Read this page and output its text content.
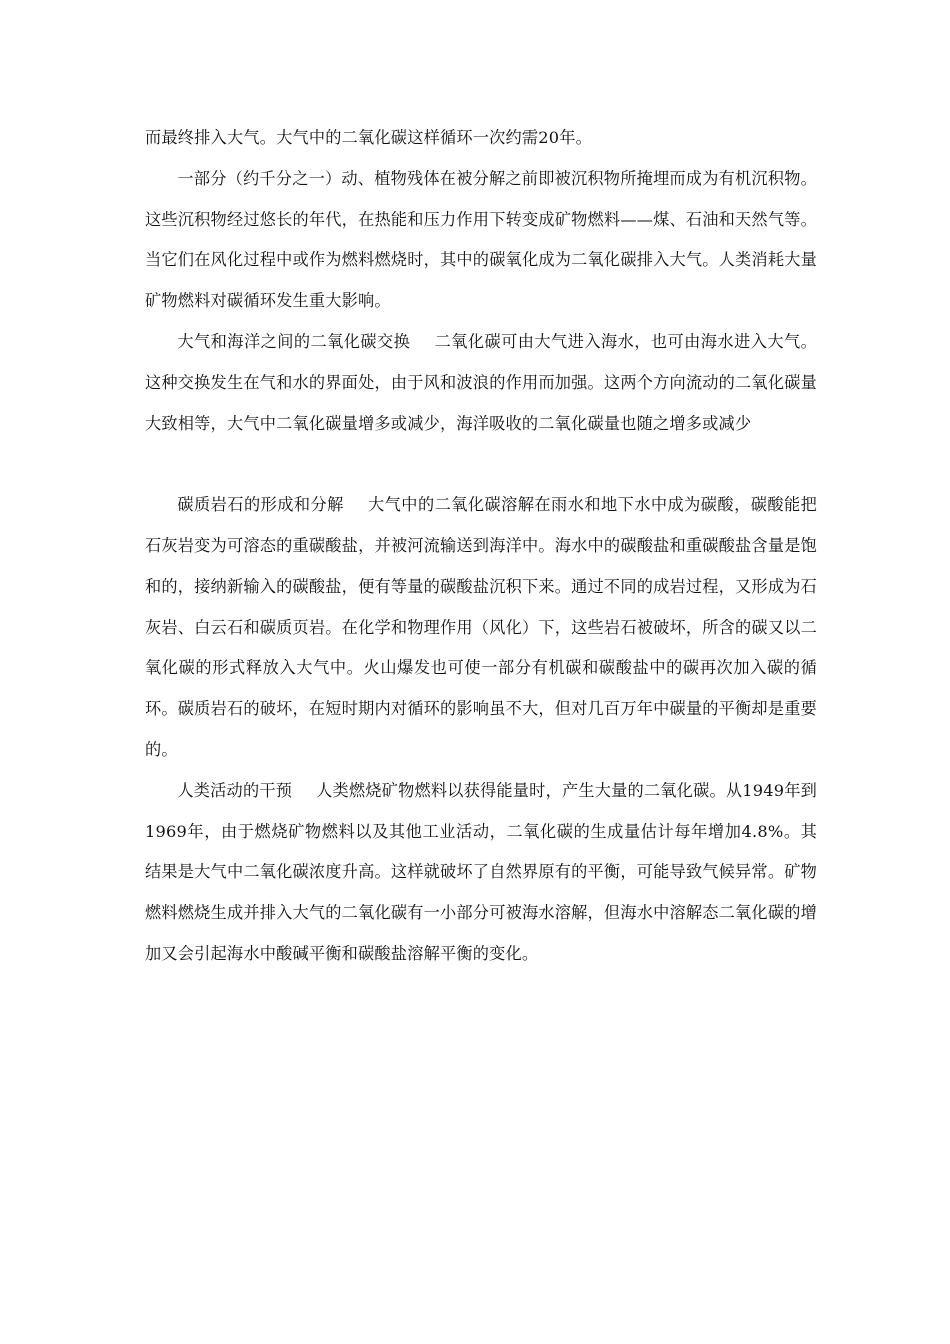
而最终排入大气。大气中的二氧化碳这样循环一次约需20年。

一部分（约千分之一）动、植物残体在被分解之前即被沉积物所掩埋而成为有机沉积物。这些沉积物经过悠长的年代，在热能和压力作用下转变成矿物燃料——煤、石油和天然气等。当它们在风化过程中或作为燃料燃烧时，其中的碳氧化成为二氧化碳排入大气。人类消耗大量矿物燃料对碳循环发生重大影响。

大气和海洋之间的二氧化碳交换 二氧化碳可由大气进入海水，也可由海水进入大气。这种交换发生在气和水的界面处，由于风和波浪的作用而加强。这两个方向流动的二氧化碳量大致相等，大气中二氧化碳量增多或减少，海洋吸收的二氧化碳量也随之增多或减少

碳质岩石的形成和分解 大气中的二氧化碳溶解在雨水和地下水中成为碳酸，碳酸能把石灰岩变为可溶态的重碳酸盐，并被河流输送到海洋中。海水中的碳酸盐和重碳酸盐含量是饱和的，接纳新输入的碳酸盐，便有等量的碳酸盐沉积下来。通过不同的成岩过程，又形成为石灰岩、白云石和碳质页岩。在化学和物理作用（风化）下，这些岩石被破坏，所含的碳又以二氧化碳的形式释放入大气中。火山爆发也可使一部分有机碳和碳酸盐中的碳再次加入碳的循环。碳质岩石的破坏，在短时期内对循环的影响虽不大，但对几百万年中碳量的平衡却是重要的。

人类活动的干预 人类燃烧矿物燃料以获得能量时，产生大量的二氧化碳。从1949年到1969年，由于燃烧矿物燃料以及其他工业活动，二氧化碳的生成量估计每年增加4.8%。其结果是大气中二氧化碳浓度升高。这样就破坏了自然界原有的平衡，可能导致气候异常。矿物燃料燃烧生成并排入大气的二氧化碳有一小部分可被海水溶解，但海水中溶解态二氧化碳的增加又会引起海水中酸碱平衡和碳酸盐溶解平衡的变化。
